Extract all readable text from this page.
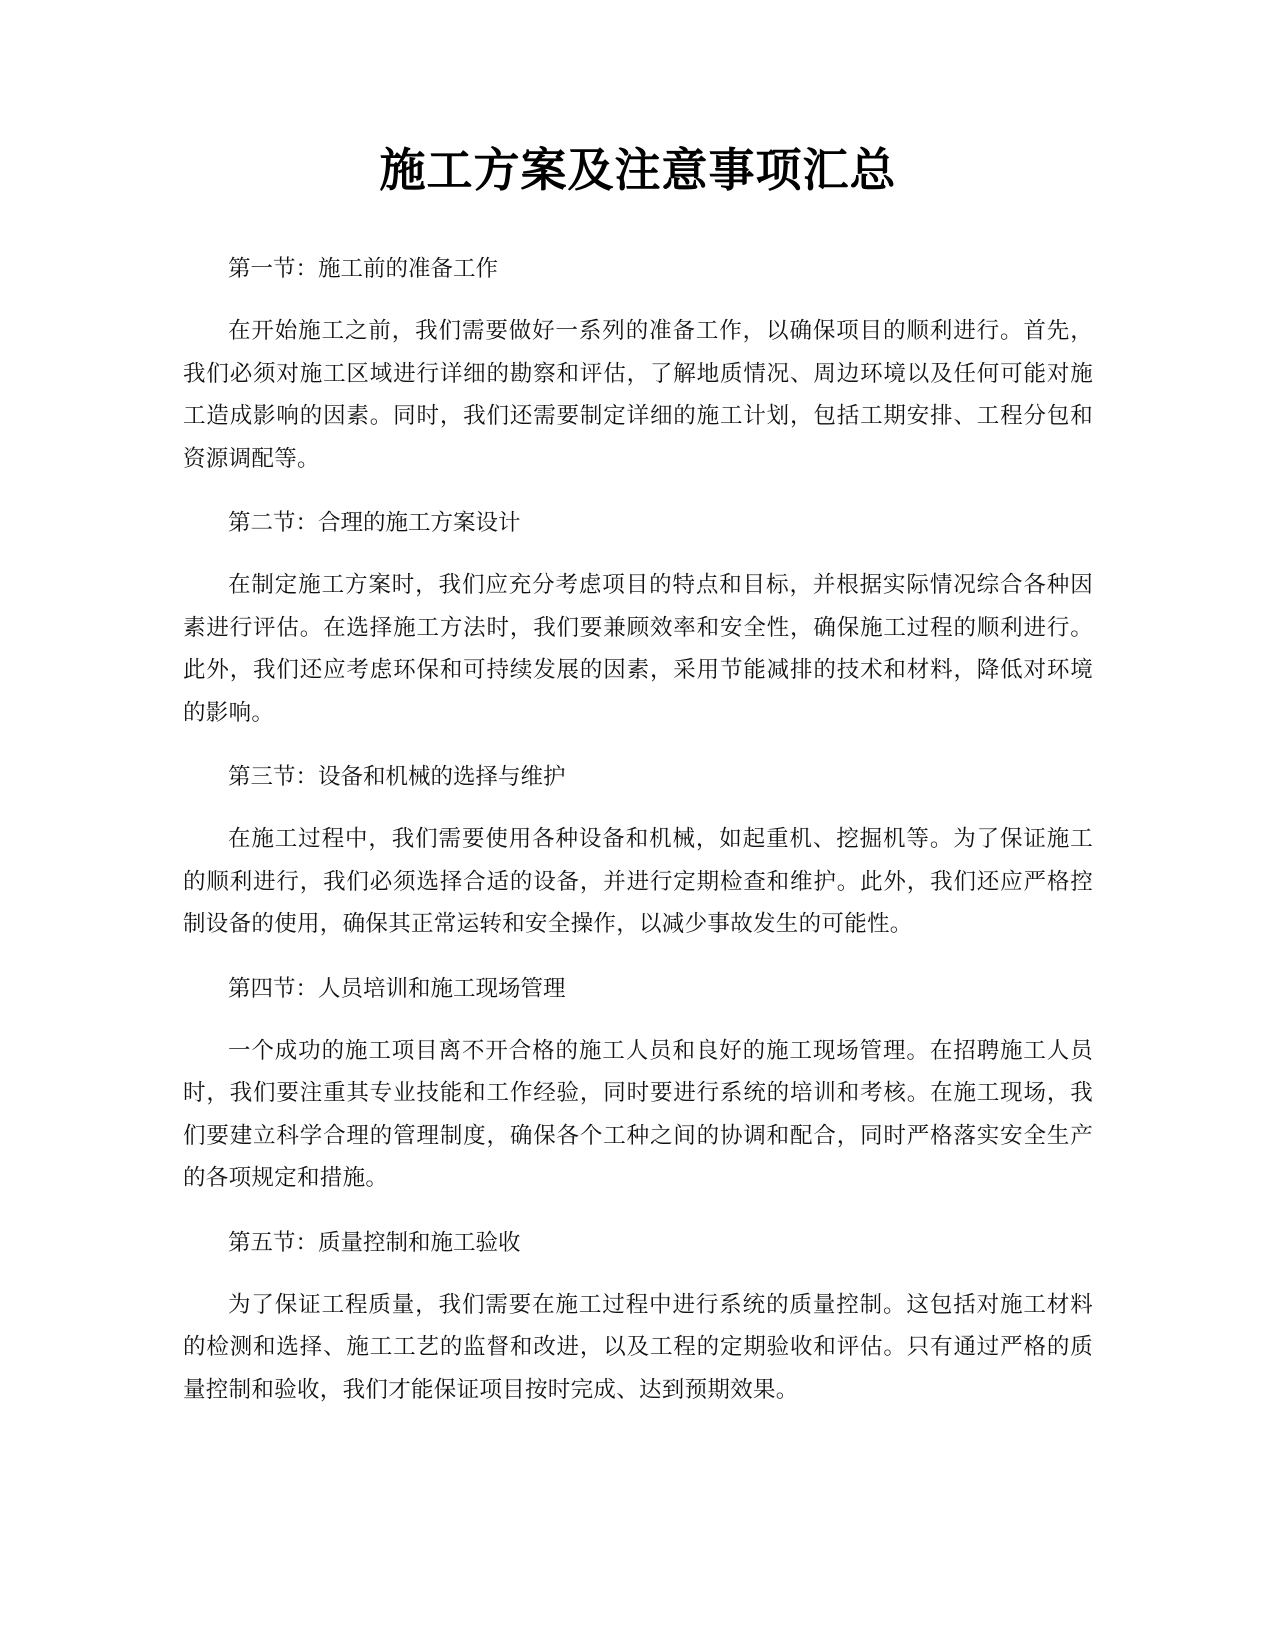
施工方案及注意事项汇总

第一节：施工前的准备工作

在开始施工之前，我们需要做好一系列的准备工作，以确保项目的顺利进行。首先，我们必须对施工区域进行详细的勘察和评估，了解地质情况、周边环境以及任何可能对施工造成影响的因素。同时，我们还需要制定详细的施工计划，包括工期安排、工程分包和资源调配等。

第二节：合理的施工方案设计

在制定施工方案时，我们应充分考虑项目的特点和目标，并根据实际情况综合各种因素进行评估。在选择施工方法时，我们要兼顾效率和安全性，确保施工过程的顺利进行。此外，我们还应考虑环保和可持续发展的因素，采用节能减排的技术和材料，降低对环境的影响。

第三节：设备和机械的选择与维护

在施工过程中，我们需要使用各种设备和机械，如起重机、挖掘机等。为了保证施工的顺利进行，我们必须选择合适的设备，并进行定期检查和维护。此外，我们还应严格控制设备的使用，确保其正常运转和安全操作，以减少事故发生的可能性。

第四节：人员培训和施工现场管理

一个成功的施工项目离不开合格的施工人员和良好的施工现场管理。在招聘施工人员时，我们要注重其专业技能和工作经验，同时要进行系统的培训和考核。在施工现场，我们要建立科学合理的管理制度，确保各个工种之间的协调和配合，同时严格落实安全生产的各项规定和措施。

第五节：质量控制和施工验收

为了保证工程质量，我们需要在施工过程中进行系统的质量控制。这包括对施工材料的检测和选择、施工工艺的监督和改进，以及工程的定期验收和评估。只有通过严格的质量控制和验收，我们才能保证项目按时完成、达到预期效果。
